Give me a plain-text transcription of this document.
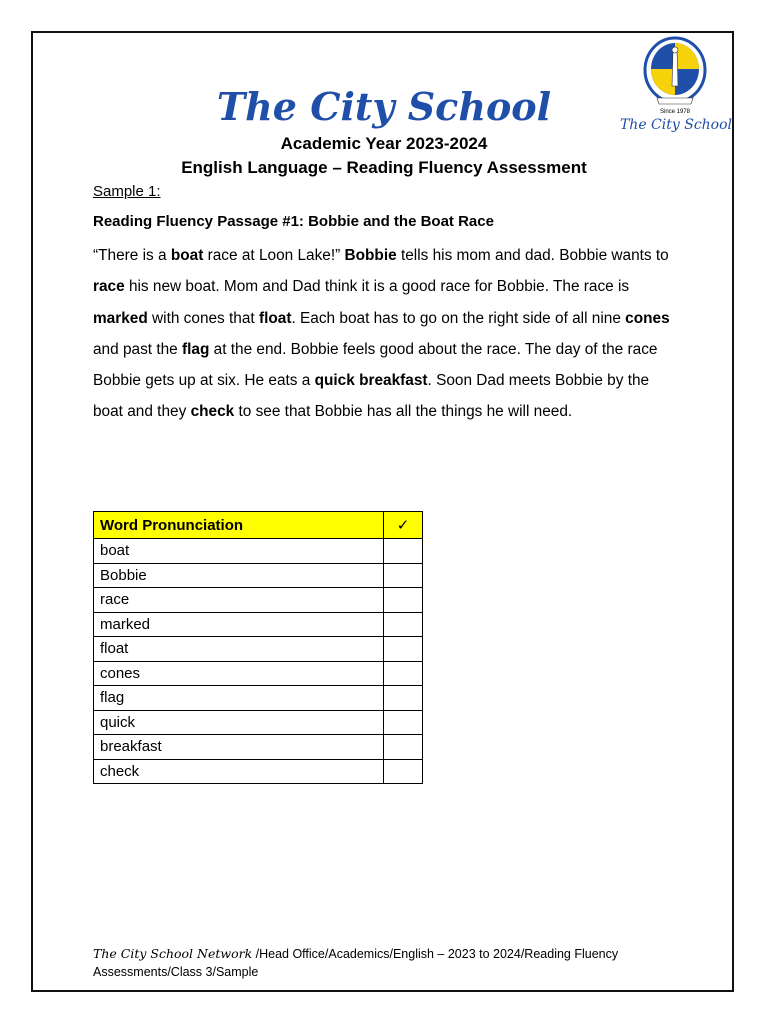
The City School	Since 1978
The City School
Academic Year 2023-2024
English Language – Reading Fluency Assessment
Sample 1:
Reading Fluency Passage #1: Bobbie and the Boat Race

“There is a boat race at Loon Lake!” Bobbie tells his mom and dad. Bobbie wants to race his new boat. Mom and Dad think it is a good race for Bobbie. The race is marked with cones that float. Each boat has to go on the right side of all nine cones and past the flag at the end. Bobbie feels good about the race. The day of the race Bobbie gets up at six. He eats a quick breakfast. Soon Dad meets Bobbie by the boat and they check to see that Bobbie has all the things he will need.

Word Pronunciation	✓
boat	
Bobbie	
race	
marked	
float	
cones	
flag	
quick	
breakfast	
check	
The City School Network /Head Office/Academics/English – 2023 to 2024/Reading Fluency Assessments/Class 3/Sample
